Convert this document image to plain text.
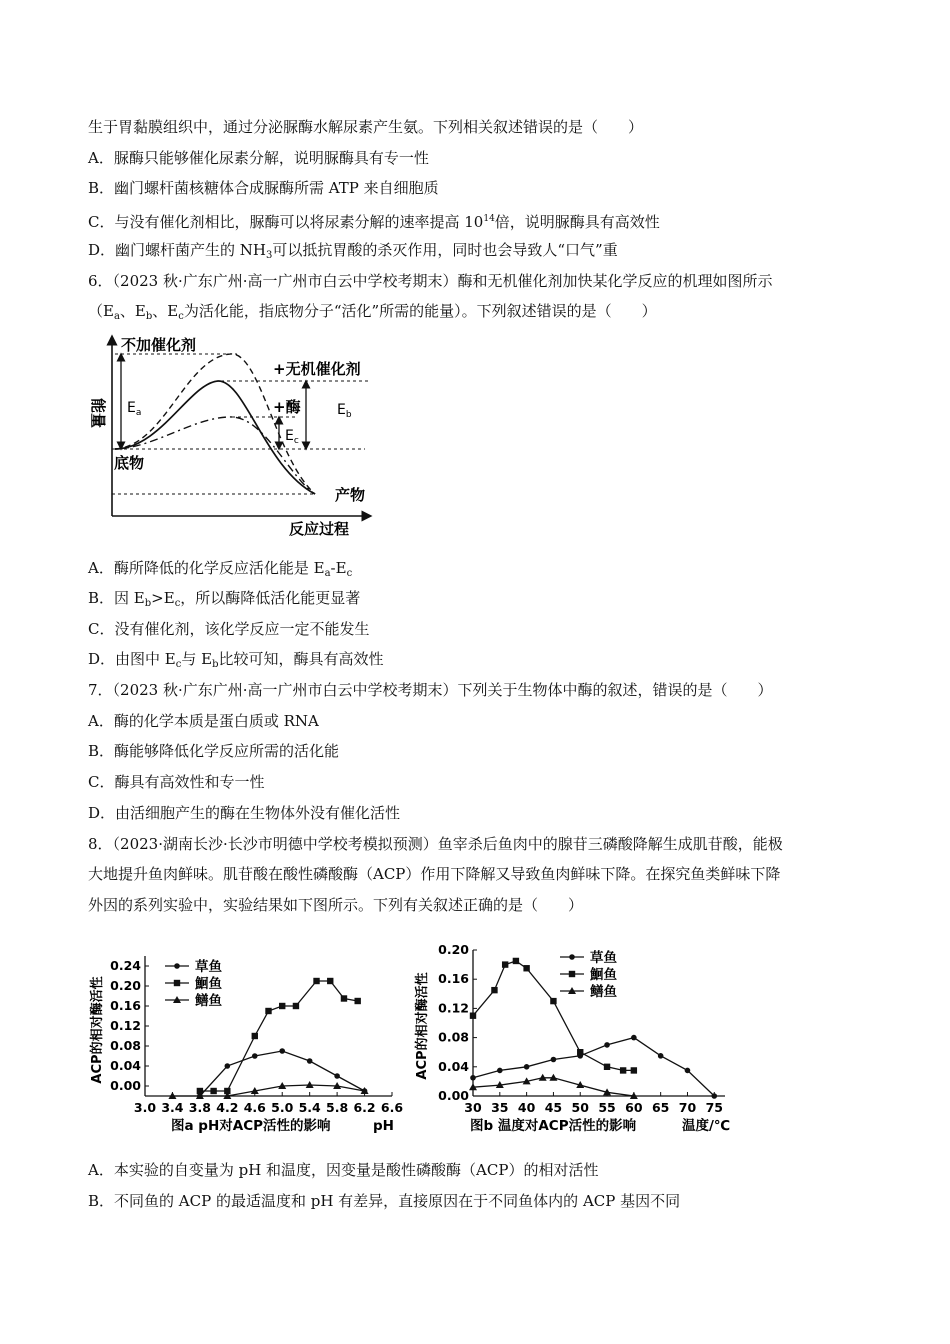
生于胃黏膜组织中，通过分泌脲酶水解尿素产生氨。下列相关叙述错误的是（　　）
A．脲酶只能够催化尿素分解，说明脲酶具有专一性
B．幽门螺杆菌核糖体合成脲酶所需 ATP 来自细胞质
C．与没有催化剂相比，脲酶可以将尿素分解的速率提高 $10^{14}$倍，说明脲酶具有高效性
D．幽门螺杆菌产生的 $NH_3$可以抵抗胃酸的杀灭作用，同时也会导致人“口气”重
6．（2023 秋·广东广州·高一广州市白云中学校考期末）酶和无机催化剂加快某化学反应的机理如图所示
（$E_a$、$E_b$、$E_c$为活化能，指底物分子“活化”所需的能量）。下列叙述错误的是（　　）
能量
反应过程
$E_a$	$E_b$
$E_c$
不加催化剂
+无机催化剂
+酶
底物
产物
A．酶所降低的化学反应活化能是 $E_a-E_c$
B．因 $E_b>E_c$，所以酶降低活化能更显著
C．没有催化剂，该化学反应一定不能发生
D．由图中 $E_c$与 $E_b$比较可知，酶具有高效性
7．（2023 秋·广东广州·高一广州市白云中学校考期末）下列关于生物体中酶的叙述，错误的是（　　）
A．酶的化学本质是蛋白质或 RNA
B．酶能够降低化学反应所需的活化能
C．酶具有高效性和专一性
D．由活细胞产生的酶在生物体外没有催化活性
8．（2023·湖南长沙·长沙市明德中学校考模拟预测）鱼宰杀后鱼肉中的腺苷三磷酸降解生成肌苷酸，能极
大地提升鱼肉鲜味。肌苷酸在酸性磷酸酶（ACP）作用下降解又导致鱼肉鲜味下降。在探究鱼类鲜味下降
外因的系列实验中，实验结果如下图所示。下列有关叙述正确的是（　　）
3.0 3.4 3.8 4.2 4.6 5.0 5.4 5.8 6.2 6.6
0.00
0.04
0.08
0.12
0.16
0.20
0.24
ACP的相对酶活性
图a pH对ACP活性的影响	pH
草鱼
鮰鱼
鳝鱼
30 35 40 45 50 55 60 65 70 75
0.00
0.04
0.08
0.12
0.16
0.20
ACP的相对酶活性
图b 温度对ACP活性的影响	温度/℃
草鱼
鮰鱼
鳝鱼
A．本实验的自变量为 pH 和温度，因变量是酸性磷酸酶（ACP）的相对活性
B．不同鱼的 ACP 的最适温度和 pH 有差异，直接原因在于不同鱼体内的 ACP 基因不同
